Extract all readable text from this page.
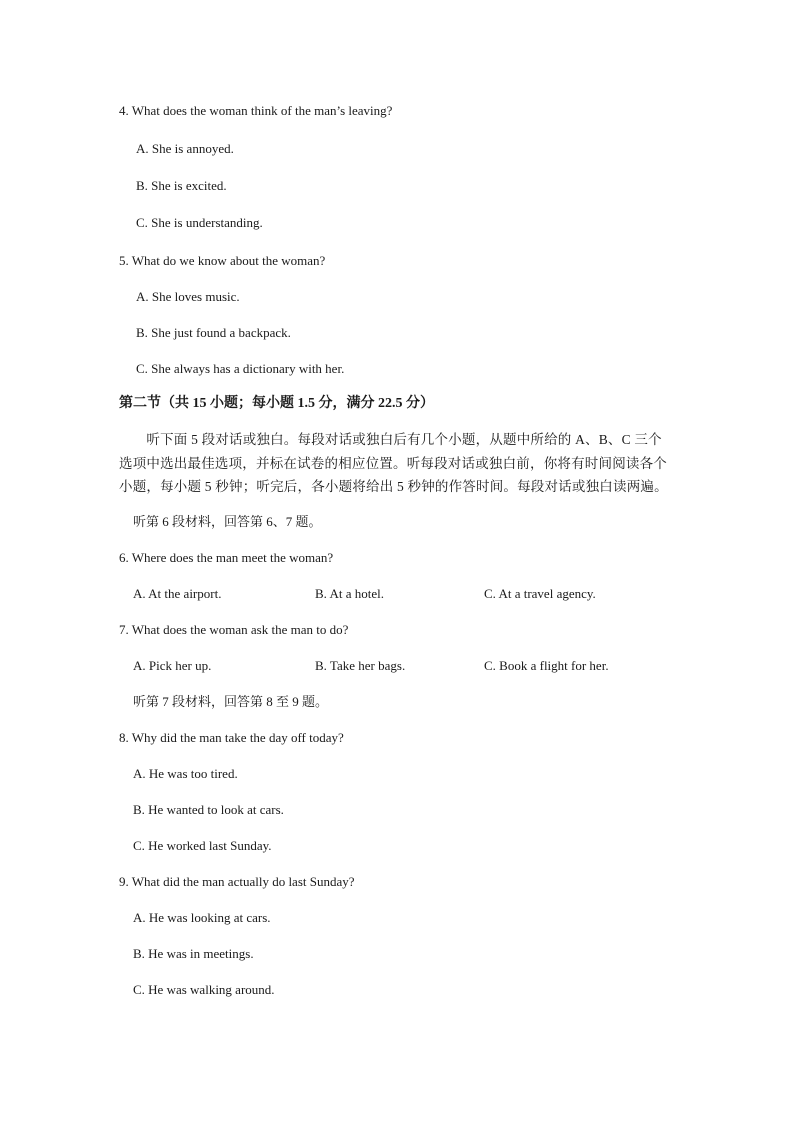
4. What does the woman think of the man’s leaving?
A. She is annoyed.
B. She is excited.
C. She is understanding.
5. What do we know about the woman?
A. She loves music.
B. She just found a backpack.
C. She always has a dictionary with her.
第二节（共 15 小题；每小题 1.5 分，满分 22.5 分）
　　听下面 5 段对话或独白。每段对话或独白后有几个小题，从题中所给的 A、B、C 三个
选项中选出最佳选项，并标在试卷的相应位置。听每段对话或独白前，你将有时间阅读各个
小题，每小题 5 秒钟；听完后，各小题将给出 5 秒钟的作答时间。每段对话或独白读两遍。
听第 6 段材料，回答第 6、7 题。
6. Where does the man meet the woman?
A. At the airport.	B. At a hotel.	C. At a travel agency.
7. What does the woman ask the man to do?
A. Pick her up.	B. Take her bags.	C. Book a flight for her.
听第 7 段材料，回答第 8 至 9 题。
8. Why did the man take the day off today?
A. He was too tired.
B. He wanted to look at cars.
C. He worked last Sunday.
9. What did the man actually do last Sunday?
A. He was looking at cars.
B. He was in meetings.
C. He was walking around.
